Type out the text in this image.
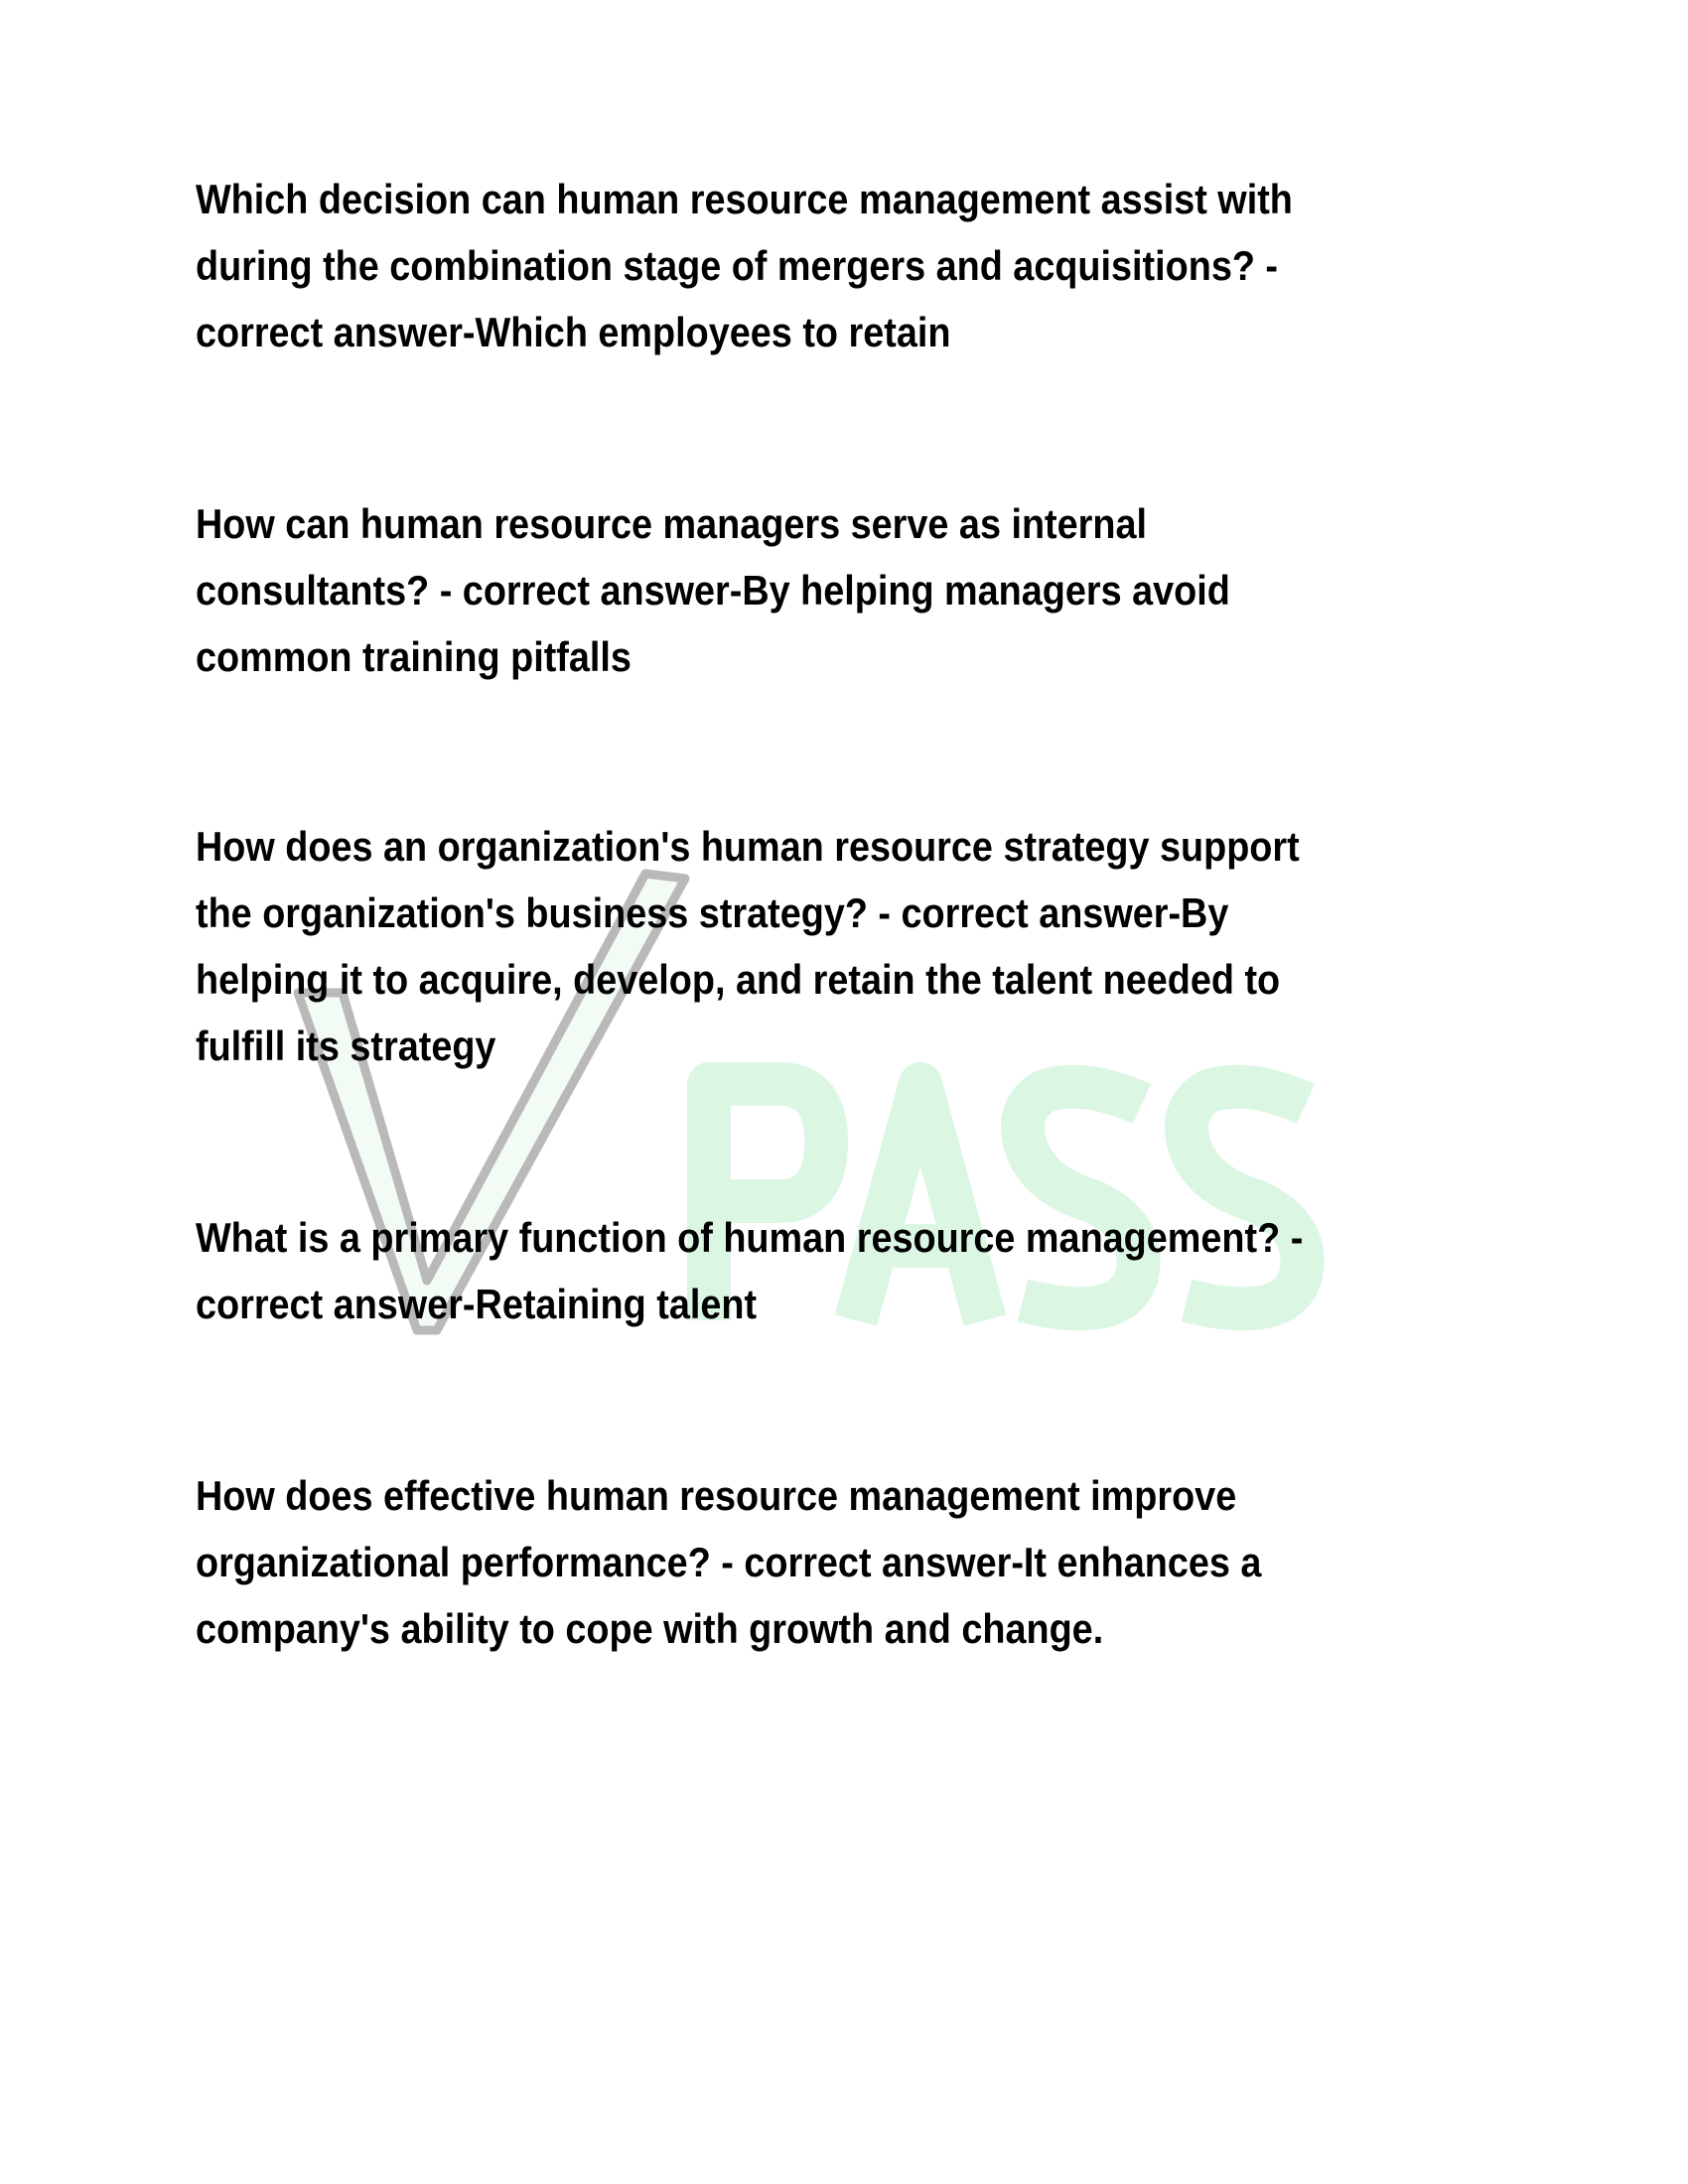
Which decision can human resource management assist with
during the combination stage of mergers and acquisitions? -
correct answer-Which employees to retain
How can human resource managers serve as internal
consultants? - correct answer-By helping managers avoid
common training pitfalls
How does an organization's human resource strategy support
the organization's business strategy? - correct answer-By
helping it to acquire, develop, and retain the talent needed to
fulfill its strategy
What is a primary function of human resource management? -
correct answer-Retaining talent
How does effective human resource management improve
organizational performance? - correct answer-It enhances a
company's ability to cope with growth and change.
